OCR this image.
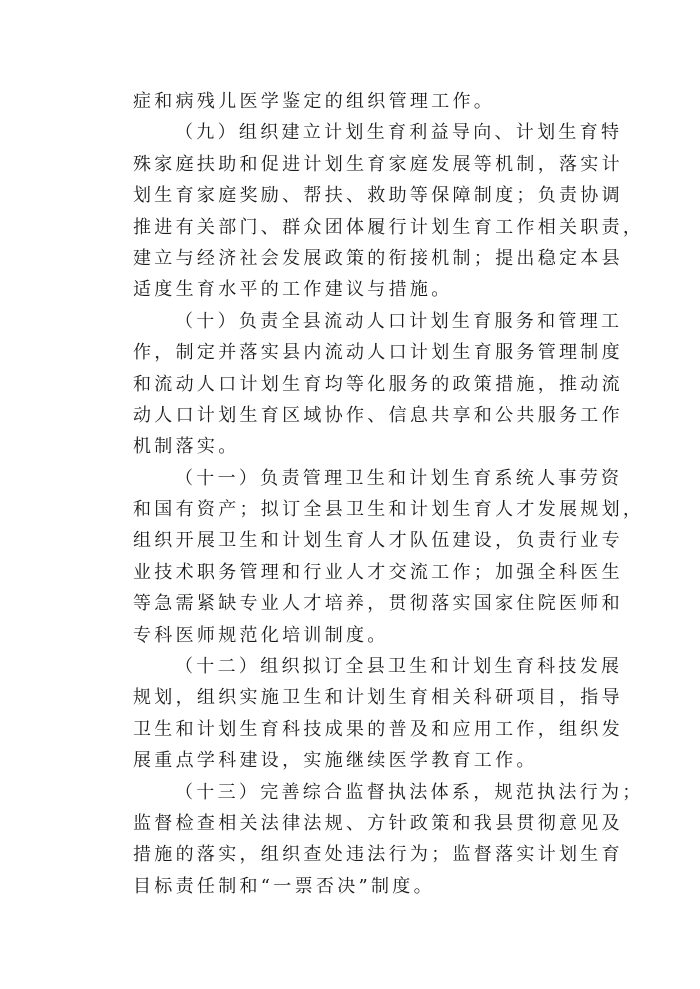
症和病残儿医学鉴定的组织管理工作。
（九）组织建立计划生育利益导向、计划生育特
殊家庭扶助和促进计划生育家庭发展等机制，落实计
划生育家庭奖励、帮扶、救助等保障制度；负责协调
推进有关部门、群众团体履行计划生育工作相关职责，
建立与经济社会发展政策的衔接机制；提出稳定本县
适度生育水平的工作建议与措施。
（十）负责全县流动人口计划生育服务和管理工
作，制定并落实县内流动人口计划生育服务管理制度
和流动人口计划生育均等化服务的政策措施，推动流
动人口计划生育区域协作、信息共享和公共服务工作
机制落实。
（十一）负责管理卫生和计划生育系统人事劳资
和国有资产；拟订全县卫生和计划生育人才发展规划，
组织开展卫生和计划生育人才队伍建设，负责行业专
业技术职务管理和行业人才交流工作；加强全科医生
等急需紧缺专业人才培养，贯彻落实国家住院医师和
专科医师规范化培训制度。
（十二）组织拟订全县卫生和计划生育科技发展
规划，组织实施卫生和计划生育相关科研项目，指导
卫生和计划生育科技成果的普及和应用工作，组织发
展重点学科建设，实施继续医学教育工作。
（十三）完善综合监督执法体系，规范执法行为；
监督检查相关法律法规、方针政策和我县贯彻意见及
措施的落实，组织查处违法行为；监督落实计划生育
目标责任制和“一票否决”制度。
